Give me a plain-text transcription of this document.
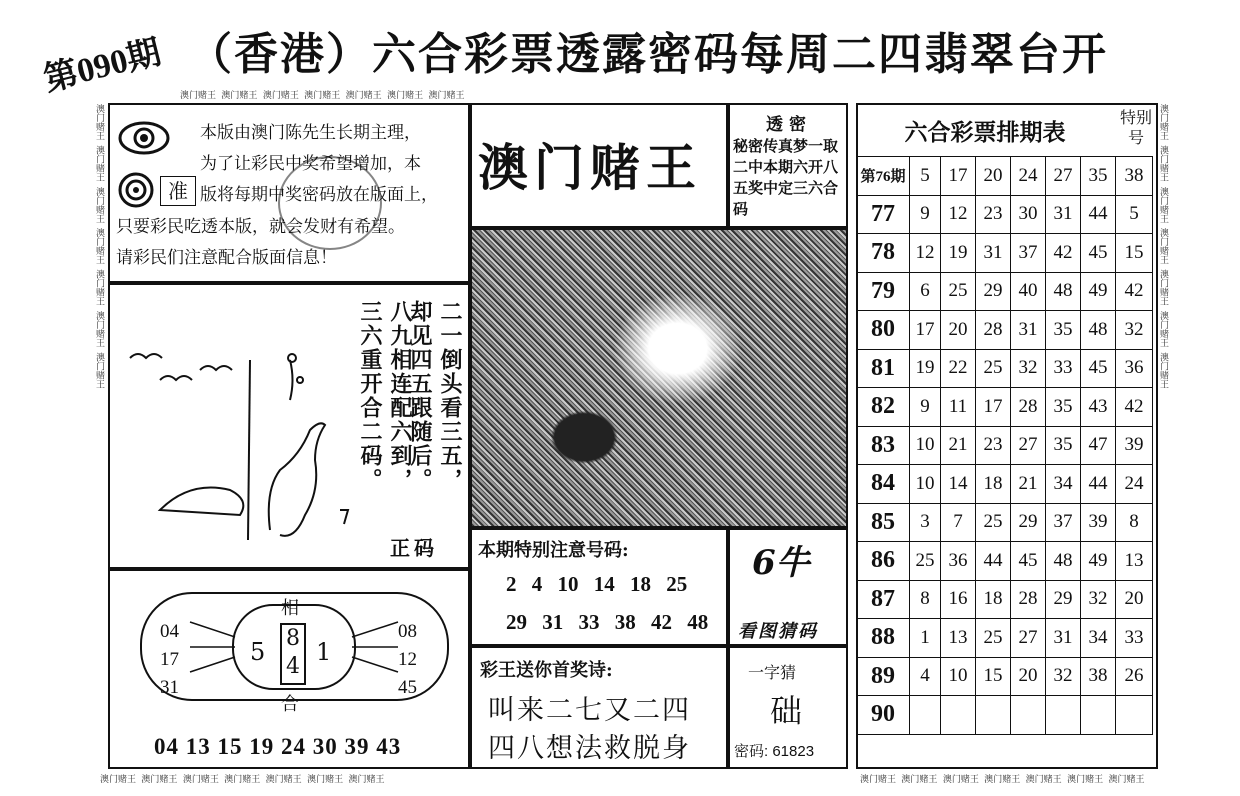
第090期 （香港）六合彩票透露密码每周二四翡翠台开
澳门赌王 澳门赌王 澳门赌王 澳门赌王 澳门赌王 澳门赌王 澳门赌王
澳门赌王 澳门赌王 澳门赌王 澳门赌王 澳门赌王 澳门赌王 澳门赌王	澳门赌王 澳门赌王 澳门赌王 澳门赌王 澳门赌王 澳门赌王 澳门赌王
准
本版由澳门陈先生长期主理，
为了让彩民中奖希望增加，本
版将每期中奖密码放在版面上，
只要彩民吃透本版，就会发财有希望。
请彩民们注意配合版面信息！
二一倒头看三五，
却见四五跟随后。
八九相连配六到，
三六重开合二码。
正码
相
合
04
17
31
08
12
45
5 1
8
4
04 13 15 19 24 30 39 43
澳门赌王
透密
秘密传真梦一取二中本期六开八五奖中定三六合码
本期特别注意号码:
2 4 10 14 18 25
29 31 33 38 42 48
6牛
看图猜码
彩王送你首奖诗:
叫来二七又二四
四八想法救脱身
一字猜
础
密码: 61823
六合彩票排期表
特别号
第76期	5	17	20	24	27	35	38
77	9	12	23	30	31	44	5
78	12	19	31	37	42	45	15
79	6	25	29	40	48	49	42
80	17	20	28	31	35	48	32
81	19	22	25	32	33	45	36
82	9	11	17	28	35	43	42
83	10	21	23	27	35	47	39
84	10	14	18	21	34	44	24
85	3	7	25	29	37	39	8
86	25	36	44	45	48	49	13
87	8	16	18	28	29	32	20
88	1	13	25	27	31	34	33
89	4	10	15	20	32	38	26
90							
澳门赌王 澳门赌王 澳门赌王 澳门赌王 澳门赌王 澳门赌王 澳门赌王	澳门赌王 澳门赌王 澳门赌王 澳门赌王 澳门赌王 澳门赌王 澳门赌王
